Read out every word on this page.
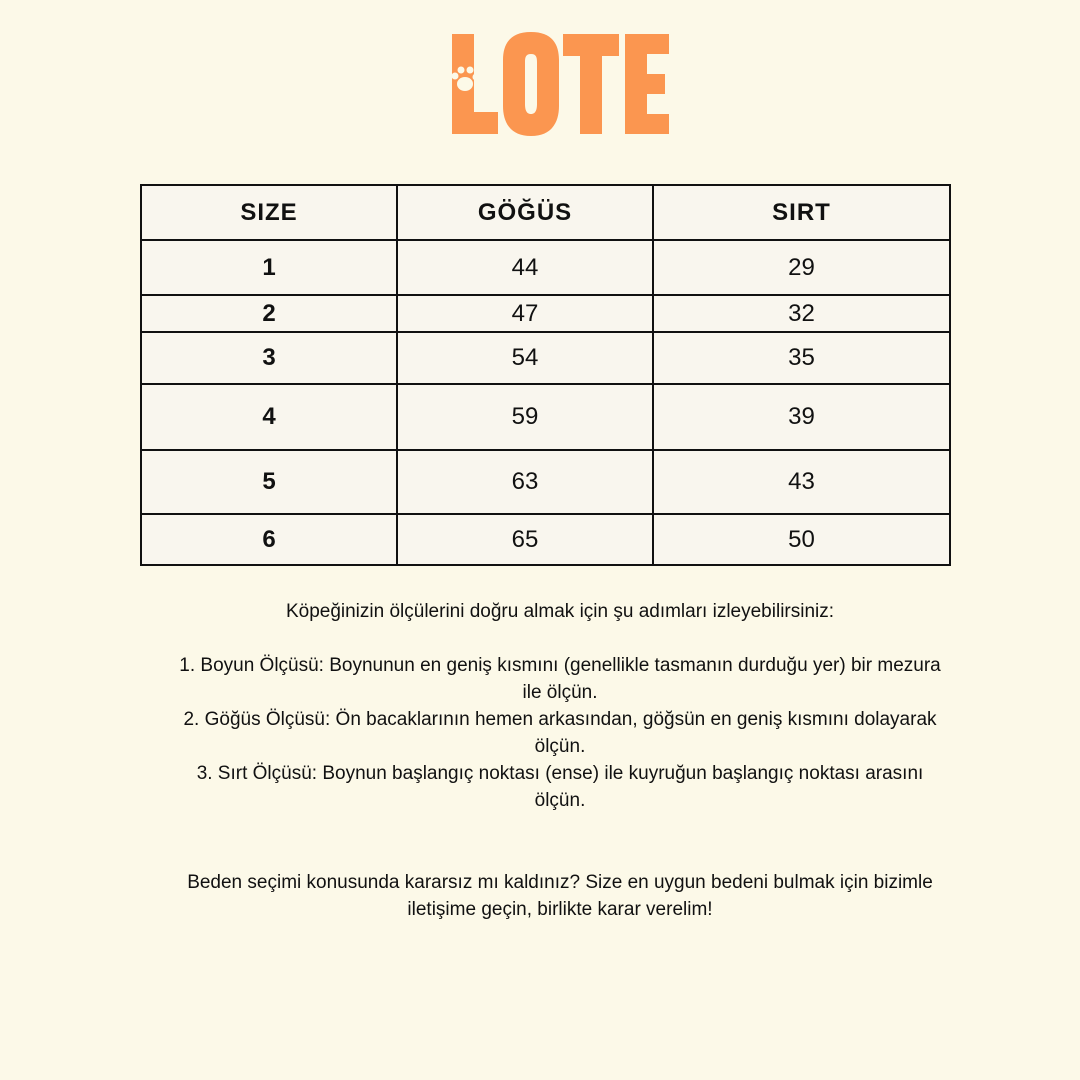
SIZE	GÖĞÜS	SIRT
1	44	29
2	47	32
3	54	35
4	59	39
5	63	43
6	65	50
Köpeğinizin ölçülerini doğru almak için şu adımları izleyebilirsiniz:
1. Boyun Ölçüsü: Boynunun en geniş kısmını (genellikle tasmanın durduğu yer) bir mezura ile ölçün.
2. Göğüs Ölçüsü: Ön bacaklarının hemen arkasından, göğsün en geniş kısmını dolayarak ölçün.
3. Sırt Ölçüsü: Boynun başlangıç noktası (ense) ile kuyruğun başlangıç noktası arasını ölçün.
Beden seçimi konusunda kararsız mı kaldınız? Size en uygun bedeni bulmak için bizimle iletişime geçin, birlikte karar verelim!
